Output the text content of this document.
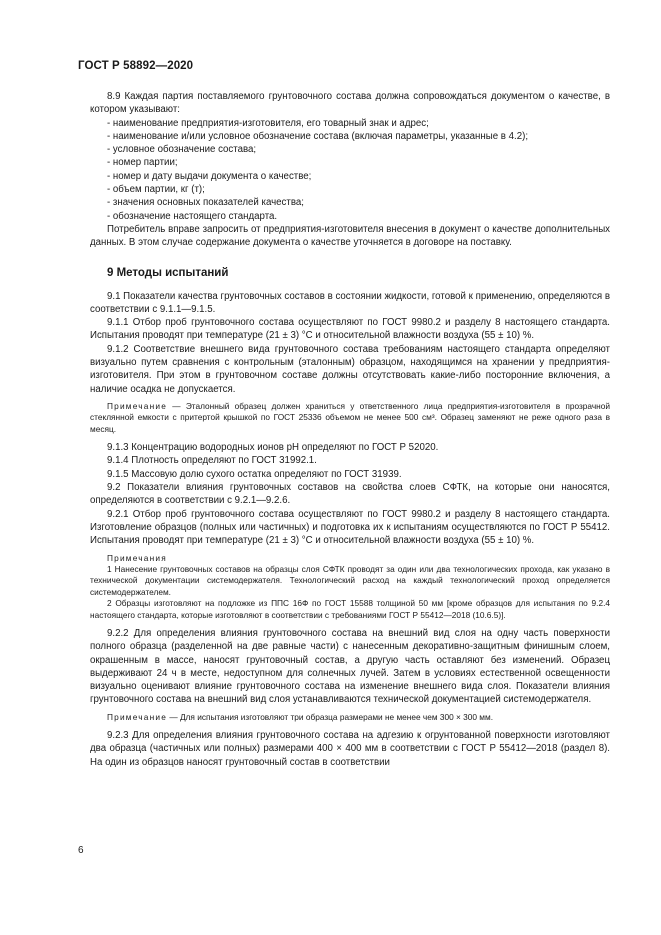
ГОСТ Р 58892—2020

8.9 Каждая партия поставляемого грунтовочного состава должна сопровождаться документом о качестве, в котором указывают:

- наименование предприятия-изготовителя, его товарный знак и адрес;
- наименование и/или условное обозначение состава (включая параметры, указанные в 4.2);
- условное обозначение состава;
- номер партии;
- номер и дату выдачи документа о качестве;
- объем партии, кг (т);
- значения основных показателей качества;
- обозначение настоящего стандарта.

Потребитель вправе запросить от предприятия-изготовителя внесения в документ о качестве дополнительных данных. В этом случае содержание документа о качестве уточняется в договоре на поставку.

9 Методы испытаний

9.1 Показатели качества грунтовочных составов в состоянии жидкости, готовой к применению, определяются в соответствии с 9.1.1—9.1.5.

9.1.1 Отбор проб грунтовочного состава осуществляют по ГОСТ 9980.2 и разделу 8 настоящего стандарта. Испытания проводят при температуре (21 ± 3) °С и относительной влажности воздуха (55 ± 10) %.

9.1.2 Соответствие внешнего вида грунтовочного состава требованиям настоящего стандарта определяют визуально путем сравнения с контрольным (эталонным) образцом, находящимся на хранении у предприятия-изготовителя. При этом в грунтовочном составе должны отсутствовать какие-либо посторонние включения, а наличие осадка не допускается.

Примечание — Эталонный образец должен храниться у ответственного лица предприятия-изготовителя в прозрачной стеклянной емкости с притертой крышкой по ГОСТ 25336 объемом не менее 500 см³. Образец заменяют не реже одного раза в месяц.

9.1.3 Концентрацию водородных ионов pH определяют по ГОСТ Р 52020.

9.1.4 Плотность определяют по ГОСТ 31992.1.

9.1.5 Массовую долю сухого остатка определяют по ГОСТ 31939.

9.2 Показатели влияния грунтовочных составов на свойства слоев СФТК, на которые они наносятся, определяются в соответствии с 9.2.1—9.2.6.

9.2.1 Отбор проб грунтовочного состава осуществляют по ГОСТ 9980.2 и разделу 8 настоящего стандарта. Изготовление образцов (полных или частичных) и подготовка их к испытаниям осуществляются по ГОСТ Р 55412. Испытания проводят при температуре (21 ± 3) °С и относительной влажности воздуха (55 ± 10) %.

Примечания

1 Нанесение грунтовочных составов на образцы слоя СФТК проводят за один или два технологических прохода, как указано в технической документации системодержателя. Технологический расход на каждый технологический проход определяется системодержателем.

2 Образцы изготовляют на подложке из ППС 16Ф по ГОСТ 15588 толщиной 50 мм [кроме образцов для испытания по 9.2.4 настоящего стандарта, которые изготовляют в соответствии с требованиями ГОСТ Р 55412—2018 (10.6.5)].

9.2.2 Для определения влияния грунтовочного состава на внешний вид слоя на одну часть поверхности полного образца (разделенной на две равные части) с нанесенным декоративно-защитным финишным слоем, окрашенным в массе, наносят грунтовочный состав, а другую часть оставляют без изменений. Образец выдерживают 24 ч в месте, недоступном для солнечных лучей. Затем в условиях естественной освещенности визуально оценивают влияние грунтовочного состава на изменение внешнего вида слоя. Показатели влияния грунтовочного состава на внешний вид слоя устанавливаются технической документацией системодержателя.

Примечание — Для испытания изготовляют три образца размерами не менее чем 300 × 300 мм.

9.2.3 Для определения влияния грунтовочного состава на адгезию к огрунтованной поверхности изготовляют два образца (частичных или полных) размерами 400 × 400 мм в соответствии с ГОСТ Р 55412—2018 (раздел 8). На один из образцов наносят грунтовочный состав в соответствии

6
